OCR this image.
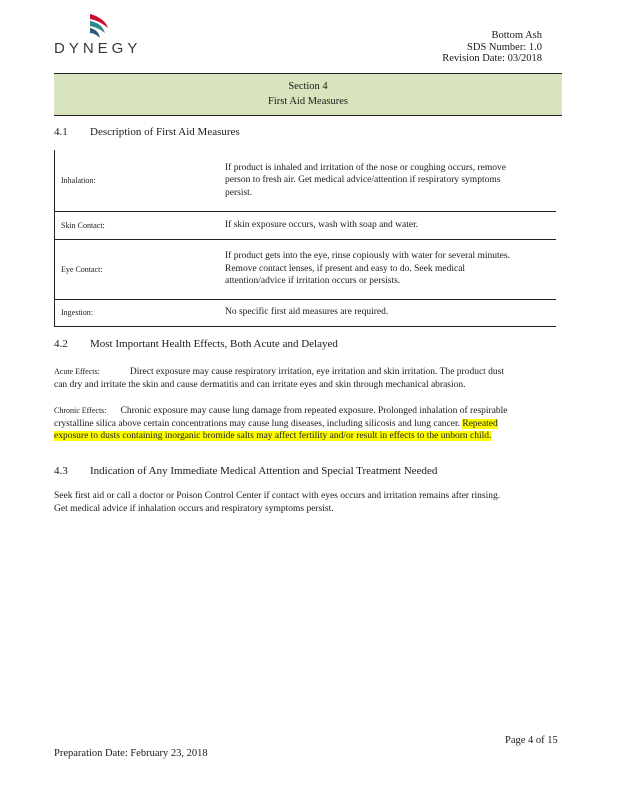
DYNEGY
Bottom Ash
SDS Number: 1.0
Revision Date: 03/2018
Section 4
First Aid Measures
4.1 Description of First Aid Measures
Inhalation:	If product is inhaled and irritation of the nose or coughing occurs, remove person to fresh air. Get medical advice/attention if respiratory symptoms persist.
Skin Contact:	If skin exposure occurs, wash with soap and water.
Eye Contact:	If product gets into the eye, rinse copiously with water for several minutes. Remove contact lenses, if present and easy to do. Seek medical attention/advice if irritation occurs or persists.
Ingestion:	No specific first aid measures are required.
4.2 Most Important Health Effects, Both Acute and Delayed
Acute Effects:	Direct exposure may cause respiratory irritation, eye irritation and skin irritation. The product dust can dry and irritate the skin and cause dermatitis and can irritate eyes and skin through mechanical abrasion.
Chronic Effects: Chronic exposure may cause lung damage from repeated exposure. Prolonged inhalation of respirable crystalline silica above certain concentrations may cause lung diseases, including silicosis and lung cancer. Repeated exposure to dusts containing inorganic bromide salts may affect fertility and/or result in effects to the unborn child.
4.3 Indication of Any Immediate Medical Attention and Special Treatment Needed
Seek first aid or call a doctor or Poison Control Center if contact with eyes occurs and irritation remains after rinsing. Get medical advice if inhalation occurs and respiratory symptoms persist.
Page 4 of 15
Preparation Date: February 23, 2018
